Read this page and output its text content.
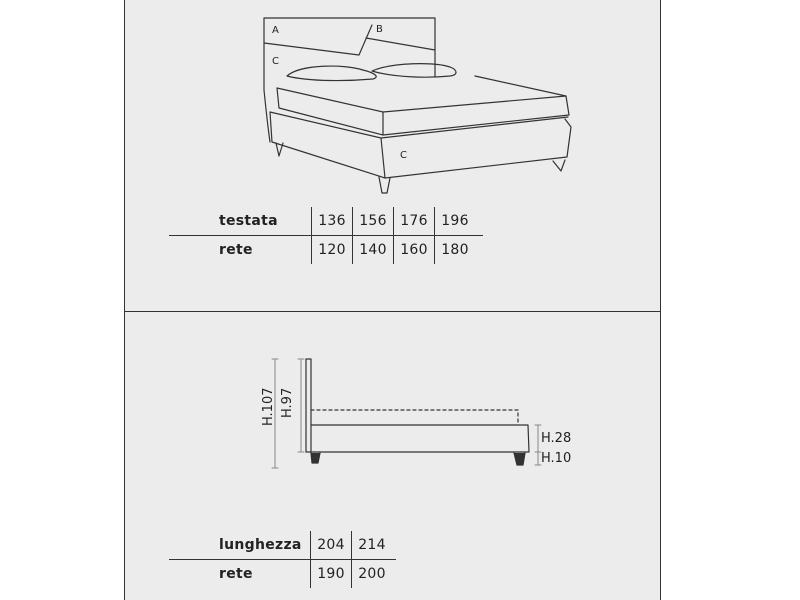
A	B
C
C
H.107 H.97
H.28
H.10
testata	136	156	176	196	
rete	120	140	160	180	
lunghezza	204	214	
rete	190	200	
